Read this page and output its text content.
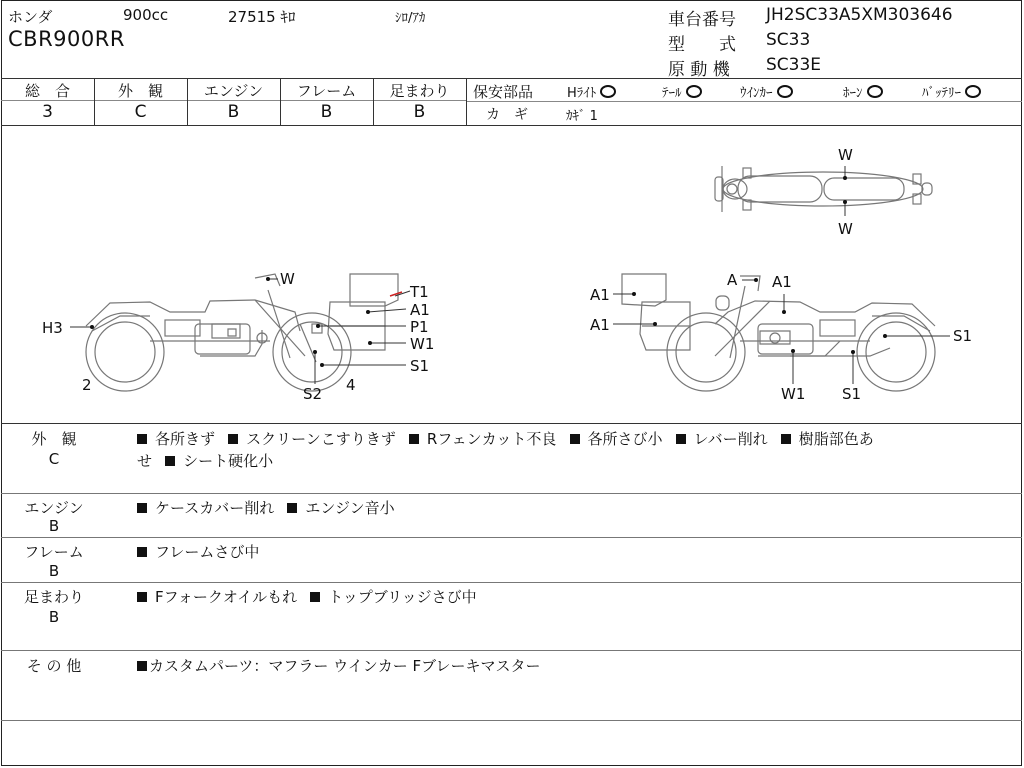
ホンダ	900cc	27515 ｷﾛ	ｼﾛ/ｱｶ
CBR900RR
車台番号 JH2SC33A5XM303646
型　　式 SC33
原 動 機 SC33E
総　合
3
外　観
C
エンジン
B
フレーム
B
足まわり
B
保安部品	Hﾗｲﾄ	ﾃｰﾙ	ｳｲﾝｶｰ	ﾎｰﾝ	ﾊﾞｯﾃﾘｰ
カ　ギ	ｶｷﾞ 1
W
W
W
T1
A1
P1
W1
S1
H3
2	S2 4
A A1
A1
A1
S1
W1 S1
外　観
C
各所きず スクリーンこすりきず Rフェンカット不良 各所さび小 レバー削れ 樹脂部色あ
せ シート硬化小
エンジン
B
ケースカバー削れ エンジン音小
フレーム
B
フレームさび中
足まわり
B
Fフォークオイルもれ トップブリッジさび中
そ の 他	カスタムパーツ：マフラー ウインカー Fブレーキマスター
